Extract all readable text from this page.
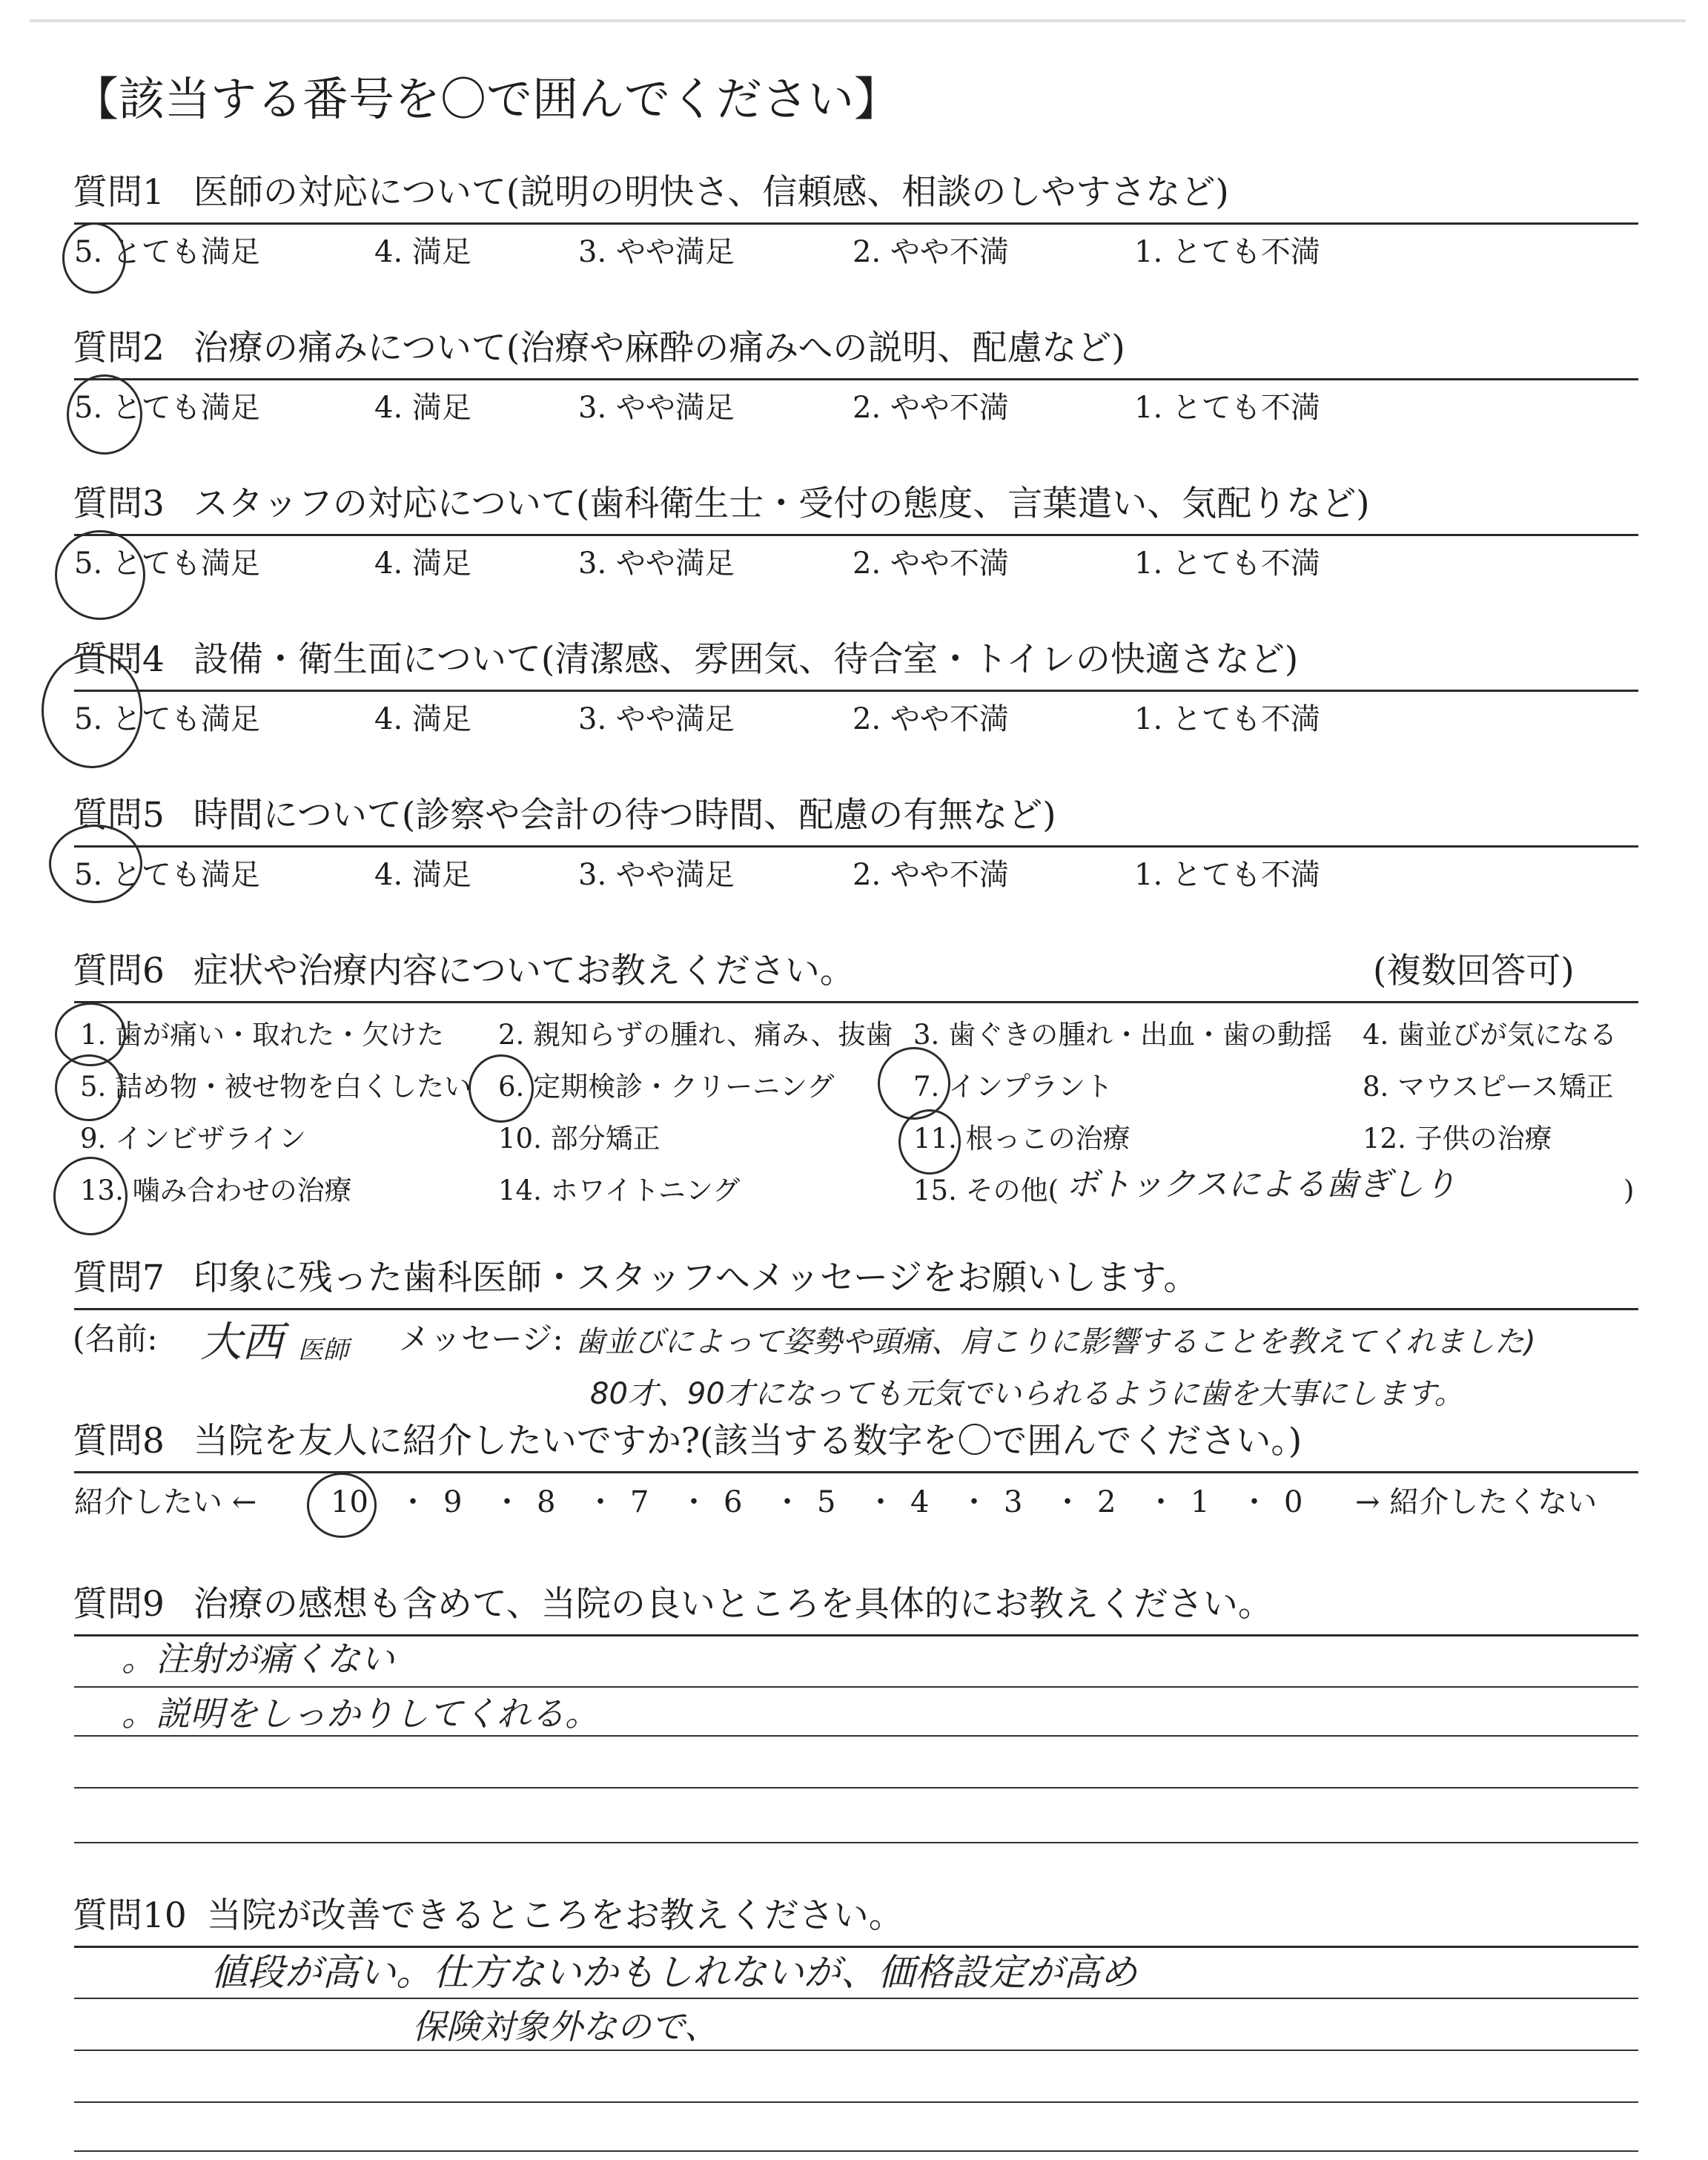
【該当する番号を〇で囲んでください】
質問1 医師の対応について(説明の明快さ、信頼感、相談のしやすさなど)
5. とても満足	4. 満足	3. やや満足	2. やや不満	1. とても不満
質問2 治療の痛みについて(治療や麻酔の痛みへの説明、配慮など)
5. とても満足	4. 満足	3. やや満足	2. やや不満	1. とても不満
質問3 スタッフの対応について(歯科衛生士・受付の態度、言葉遣い、気配りなど)
5. とても満足	4. 満足	3. やや満足	2. やや不満	1. とても不満
質問4 設備・衛生面について(清潔感、雰囲気、待合室・トイレの快適さなど)
5. とても満足	4. 満足	3. やや満足	2. やや不満	1. とても不満
質問5 時間について(診察や会計の待つ時間、配慮の有無など)
5. とても満足	4. 満足	3. やや満足	2. やや不満	1. とても不満
質問6 症状や治療内容についてお教えください。	(複数回答可)
1. 歯が痛い・取れた・欠けた 2. 親知らずの腫れ、痛み、抜歯 3. 歯ぐきの腫れ・出血・歯の動揺 4. 歯並びが気になる
5. 詰め物・被せ物を白くしたい 6. 定期検診・クリーニング	7. インプラント	8. マウスピース矯正
9. インビザライン	10. 部分矯正	11. 根っこの治療	12. 子供の治療
13. 噛み合わせの治療	14. ホワイトニング	15. その他( ボトックスによる歯ぎしり	)
質問7 印象に残った歯科医師・スタッフへメッセージをお願いします。
(名前: 大西 医師 メッセージ: 歯並びによって姿勢や頭痛、肩こりに影響することを教えてくれました)
80才、90才になっても元気でいられるように歯を大事にします。
質問8 当院を友人に紹介したいですか?(該当する数字を〇で囲んでください。)
紹介したい ← 10 ・ 9 ・ 8 ・ 7 ・ 6 ・ 5 ・ 4 ・ 3 ・ 2 ・ 1 ・ 0 → 紹介したくない
質問9 治療の感想も含めて、当院の良いところを具体的にお教えください。
。注射が痛くない
。説明をしっかりしてくれる。
質問10 当院が改善できるところをお教えください。
値段が高い。仕方ないかもしれないが、価格設定が高め
保険対象外なので、
